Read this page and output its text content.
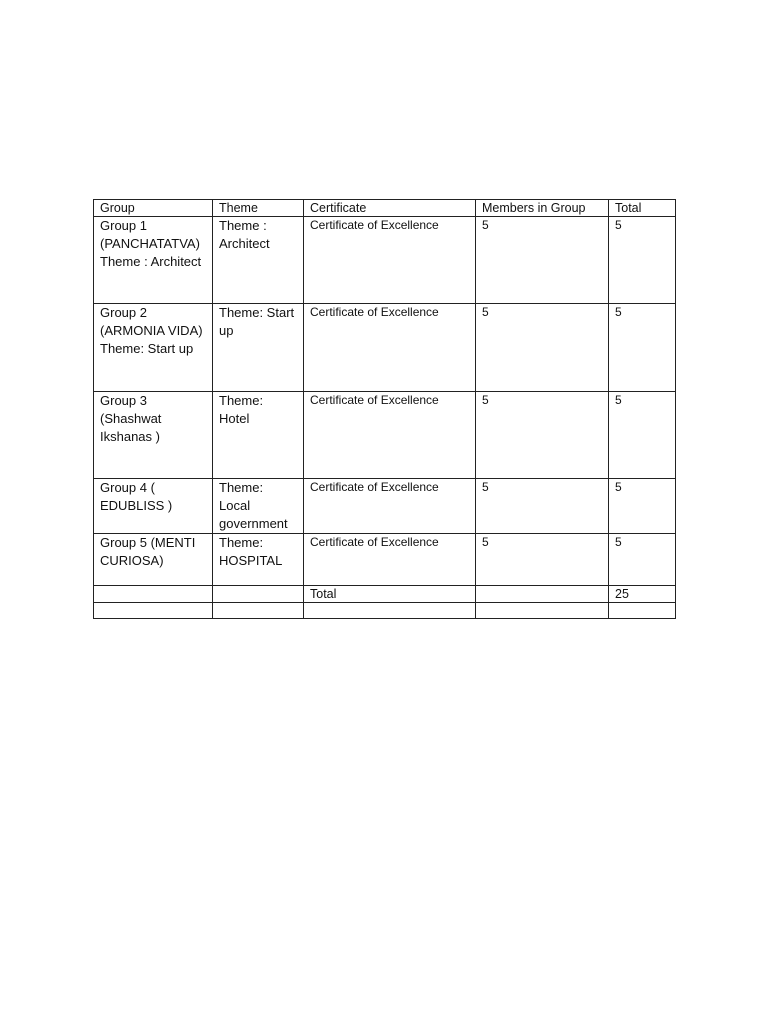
Group	Theme	Certificate	Members in Group	Total
Group 1 (PANCHATATVA) Theme : Architect	Theme : Architect	Certificate of Excellence	5	5
Group 2 (ARMONIA VIDA) Theme: Start up	Theme: Start up	Certificate of Excellence	5	5
Group 3 (Shashwat Ikshanas )	Theme: Hotel	Certificate of Excellence	5	5
Group 4 ( EDUBLISS )	Theme: Local government	Certificate of Excellence	5	5
Group 5 (MENTI CURIOSA)	Theme: HOSPITAL	Certificate of Excellence	5	5
		Total		25
